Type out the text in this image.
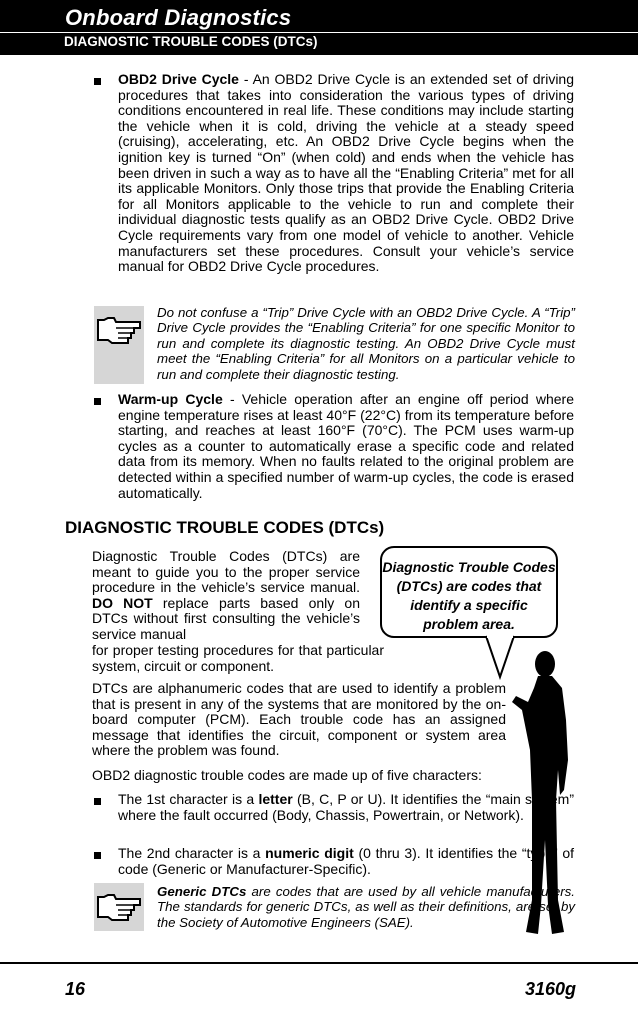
Onboard Diagnostics
DIAGNOSTIC TROUBLE CODES (DTCs)
OBD2 Drive Cycle - An OBD2 Drive Cycle is an extended set of driving procedures that takes into consideration the various types of driving conditions encountered in real life. These conditions may include starting the vehicle when it is cold, driving the vehicle at a steady speed (cruising), accelerating, etc. An OBD2 Drive Cycle begins when the ignition key is turned “On” (when cold) and ends when the vehicle has been driven in such a way as to have all the “Enabling Criteria” met for all its applicable Monitors. Only those trips that provide the Enabling Criteria for all Monitors applicable to the vehicle to run and complete their individual diagnostic tests qualify as an OBD2 Drive Cycle. OBD2 Drive Cycle requirements vary from one model of vehicle to another. Vehicle manufacturers set these procedures. Consult your vehicle’s service manual for OBD2 Drive Cycle procedures.
Do not confuse a “Trip” Drive Cycle with an OBD2 Drive Cycle. A “Trip” Drive Cycle provides the “Enabling Criteria” for one specific Monitor to run and complete its diagnostic testing. An OBD2 Drive Cycle must meet the “Enabling Criteria” for all Monitors on a particular vehicle to run and complete their diagnostic testing.
Warm-up Cycle - Vehicle operation after an engine off period where engine temperature rises at least 40°F (22°C) from its temperature before starting, and reaches at least 160°F (70°C). The PCM uses warm-up cycles as a counter to automatically erase a specific code and related data from its memory. When no faults related to the original problem are detected within a specified number of warm-up cycles, the code is erased automatically.
DIAGNOSTIC TROUBLE CODES (DTCs)
Diagnostic Trouble Codes (DTCs) are meant to guide you to the proper service procedure in the vehicle’s service manual. DO NOT replace parts based only on DTCs without first consulting the vehicle’s service manual
for proper testing procedures for that particular system, circuit or component.
Diagnostic Trouble Codes (DTCs) are codes that identify a specific problem area.
DTCs are alphanumeric codes that are used to identify a problem that is present in any of the systems that are monitored by the on-board computer (PCM). Each trouble code has an assigned message that identifies the circuit, component or system area where the problem was found.
OBD2 diagnostic trouble codes are made up of five characters:
The 1st character is a letter (B, C, P or U). It identifies the “main system” where the fault occurred (Body, Chassis, Powertrain, or Network).
The 2nd character is a numeric digit (0 thru 3). It identifies the “type” of code (Generic or Manufacturer-Specific).
Generic DTCs are codes that are used by all vehicle manufacturers. The standards for generic DTCs, as well as their definitions, are set by the Society of Automotive Engineers (SAE).
16	3160g
